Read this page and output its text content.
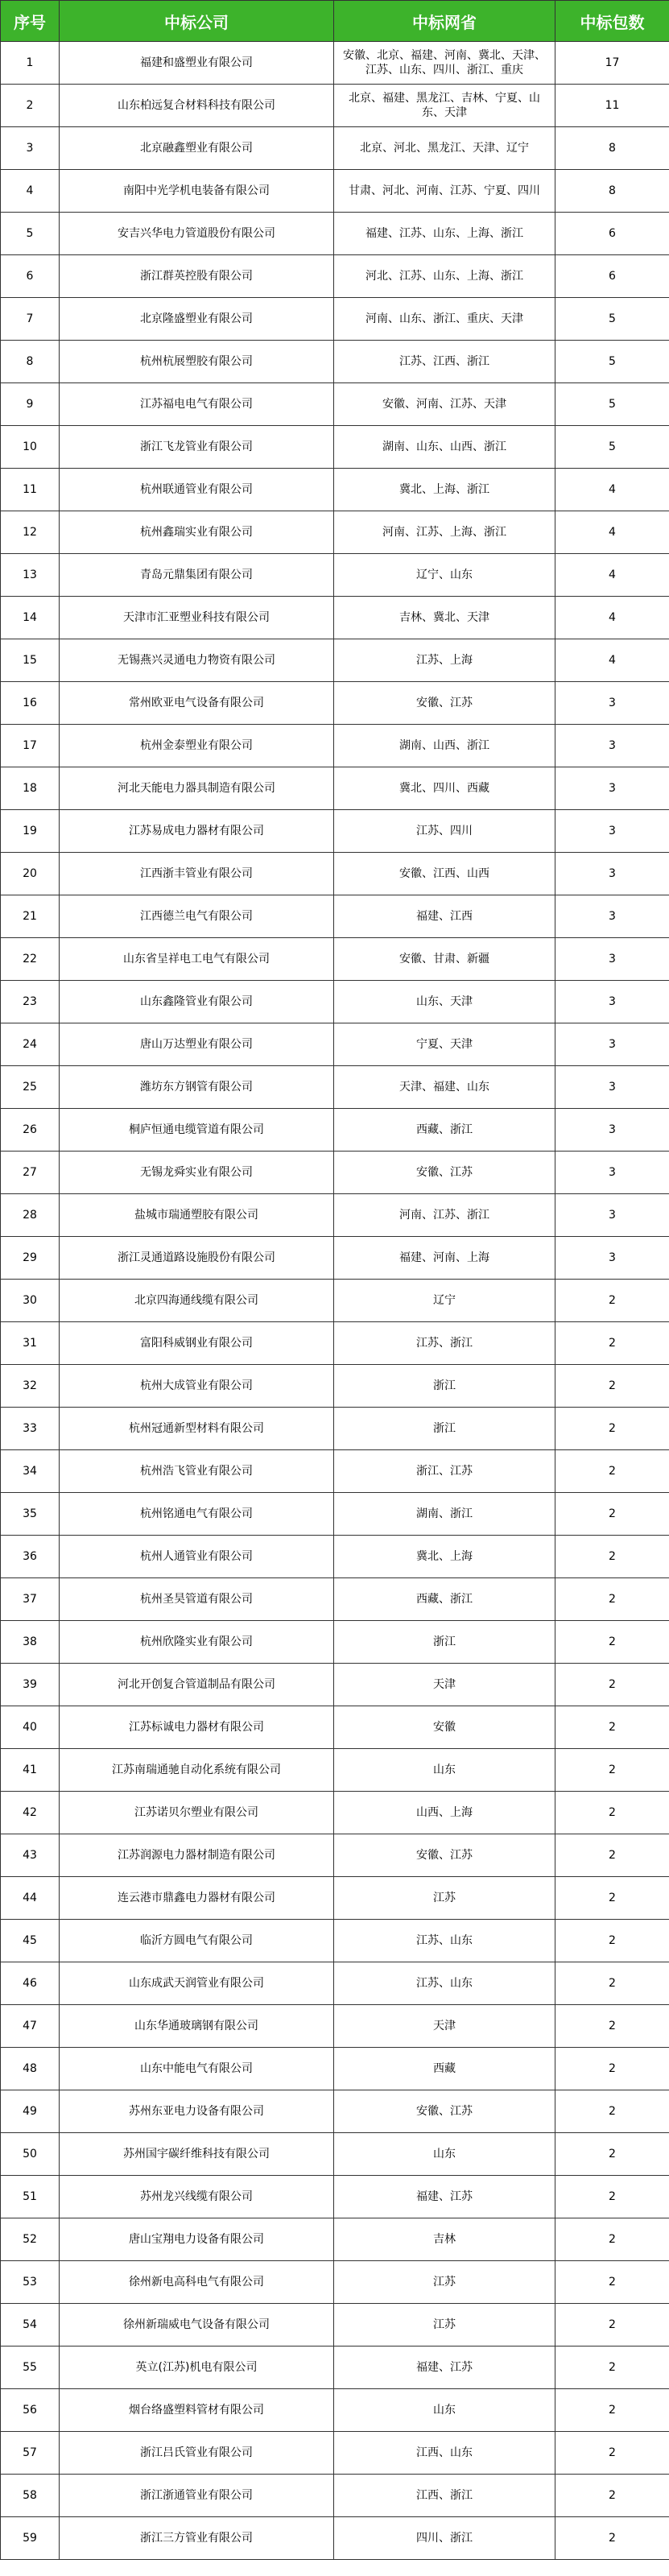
序号	中标公司	中标网省	中标包数
1	福建和盛塑业有限公司	安徽、北京、福建、河南、冀北、天津、江苏、山东、四川、浙江、重庆	17
2	山东柏远复合材料科技有限公司	北京、福建、黑龙江、吉林、宁夏、山东、天津	11
3	北京融鑫塑业有限公司	北京、河北、黑龙江、天津、辽宁	8
4	南阳中光学机电装备有限公司	甘肃、河北、河南、江苏、宁夏、四川	8
5	安吉兴华电力管道股份有限公司	福建、江苏、山东、上海、浙江	6
6	浙江群英控股有限公司	河北、江苏、山东、上海、浙江	6
7	北京隆盛塑业有限公司	河南、山东、浙江、重庆、天津	5
8	杭州杭展塑胶有限公司	江苏、江西、浙江	5
9	江苏福电电气有限公司	安徽、河南、江苏、天津	5
10	浙江飞龙管业有限公司	湖南、山东、山西、浙江	5
11	杭州联通管业有限公司	冀北、上海、浙江	4
12	杭州鑫瑞实业有限公司	河南、江苏、上海、浙江	4
13	青岛元鼎集团有限公司	辽宁、山东	4
14	天津市汇亚塑业科技有限公司	吉林、冀北、天津	4
15	无锡燕兴灵通电力物资有限公司	江苏、上海	4
16	常州欧亚电气设备有限公司	安徽、江苏	3
17	杭州金泰塑业有限公司	湖南、山西、浙江	3
18	河北天能电力器具制造有限公司	冀北、四川、西藏	3
19	江苏易成电力器材有限公司	江苏、四川	3
20	江西浙丰管业有限公司	安徽、江西、山西	3
21	江西德兰电气有限公司	福建、江西	3
22	山东省呈祥电工电气有限公司	安徽、甘肃、新疆	3
23	山东鑫隆管业有限公司	山东、天津	3
24	唐山万达塑业有限公司	宁夏、天津	3
25	潍坊东方钢管有限公司	天津、福建、山东	3
26	桐庐恒通电缆管道有限公司	西藏、浙江	3
27	无锡龙舜实业有限公司	安徽、江苏	3
28	盐城市瑞通塑胶有限公司	河南、江苏、浙江	3
29	浙江灵通道路设施股份有限公司	福建、河南、上海	3
30	北京四海通线缆有限公司	辽宁	2
31	富阳科威钢业有限公司	江苏、浙江	2
32	杭州大成管业有限公司	浙江	2
33	杭州冠通新型材料有限公司	浙江	2
34	杭州浩飞管业有限公司	浙江、江苏	2
35	杭州铭通电气有限公司	湖南、浙江	2
36	杭州人通管业有限公司	冀北、上海	2
37	杭州圣昊管道有限公司	西藏、浙江	2
38	杭州欣隆实业有限公司	浙江	2
39	河北开创复合管道制品有限公司	天津	2
40	江苏标诚电力器材有限公司	安徽	2
41	江苏南瑞通驰自动化系统有限公司	山东	2
42	江苏诺贝尔塑业有限公司	山西、上海	2
43	江苏润源电力器材制造有限公司	安徽、江苏	2
44	连云港市鼎鑫电力器材有限公司	江苏	2
45	临沂方圆电气有限公司	江苏、山东	2
46	山东成武天润管业有限公司	江苏、山东	2
47	山东华通玻璃钢有限公司	天津	2
48	山东中能电气有限公司	西藏	2
49	苏州东亚电力设备有限公司	安徽、江苏	2
50	苏州国宇碳纤维科技有限公司	山东	2
51	苏州龙兴线缆有限公司	福建、江苏	2
52	唐山宝翔电力设备有限公司	吉林	2
53	徐州新电高科电气有限公司	江苏	2
54	徐州新瑞威电气设备有限公司	江苏	2
55	英立(江苏)机电有限公司	福建、江苏	2
56	烟台络盛塑料管材有限公司	山东	2
57	浙江吕氏管业有限公司	江西、山东	2
58	浙江浙通管业有限公司	江西、浙江	2
59	浙江三方管业有限公司	四川、浙江	2
